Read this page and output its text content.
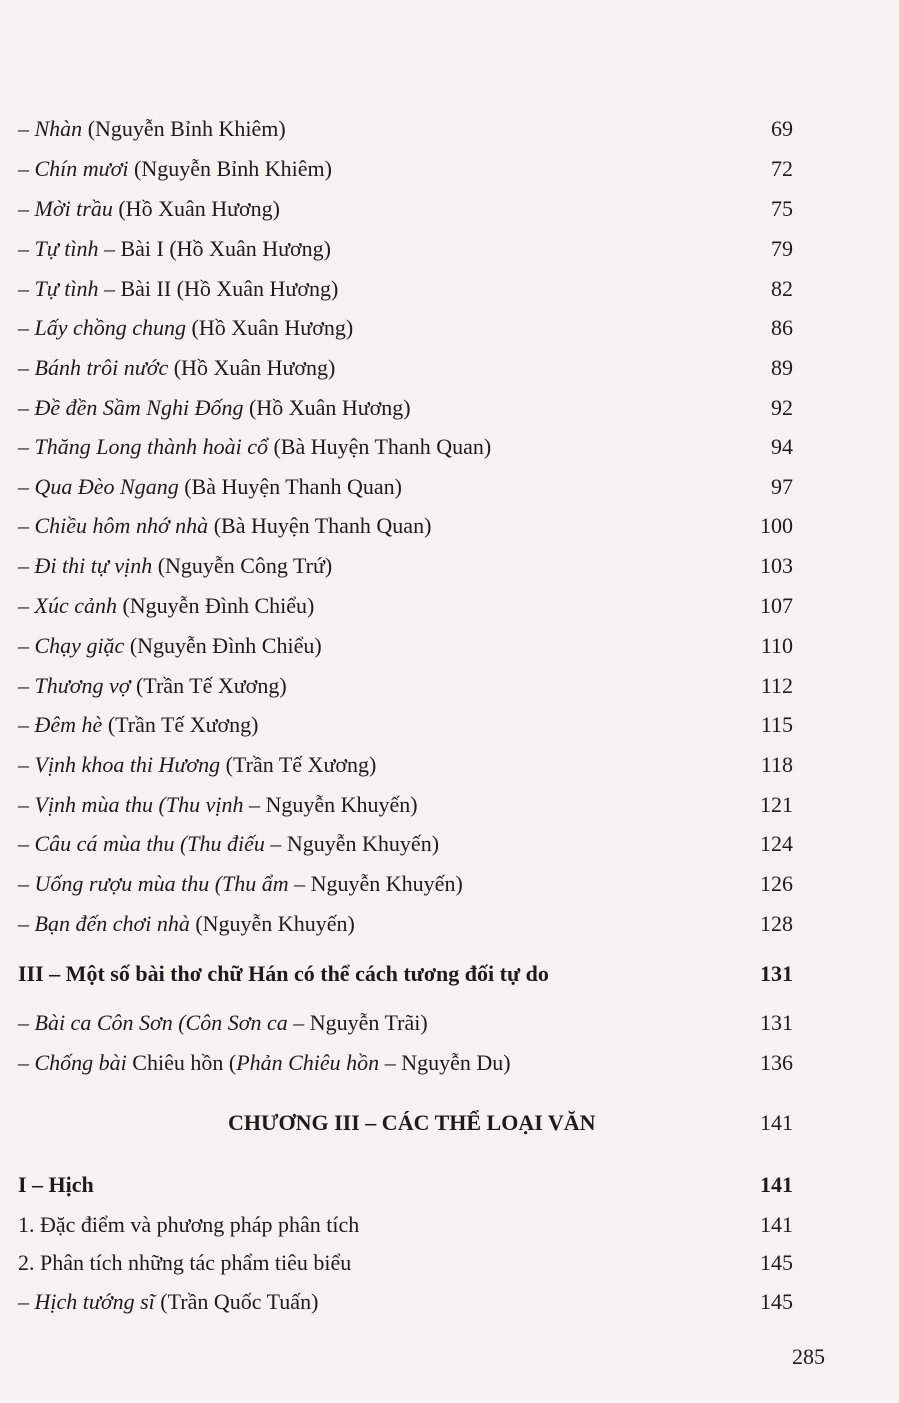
– Nhàn (Nguyễn Bỉnh Khiêm)	69
– Chín mươi (Nguyễn Bỉnh Khiêm)	72
– Mời trầu (Hồ Xuân Hương)	75
– Tự tình – Bài I (Hồ Xuân Hương)	79
– Tự tình – Bài II (Hồ Xuân Hương)	82
– Lấy chồng chung (Hồ Xuân Hương)	86
– Bánh trôi nước (Hồ Xuân Hương)	89
– Đề đền Sầm Nghi Đống (Hồ Xuân Hương)	92
– Thăng Long thành hoài cổ (Bà Huyện Thanh Quan)	94
– Qua Đèo Ngang (Bà Huyện Thanh Quan)	97
– Chiều hôm nhớ nhà (Bà Huyện Thanh Quan)	100
– Đi thi tự vịnh (Nguyễn Công Trứ)	103
– Xúc cảnh (Nguyễn Đình Chiểu)	107
– Chạy giặc (Nguyễn Đình Chiểu)	110
– Thương vợ (Trần Tế Xương)	112
– Đêm hè (Trần Tế Xương)	115
– Vịnh khoa thi Hương (Trần Tế Xương)	118
– Vịnh mùa thu (Thu vịnh – Nguyễn Khuyến)	121
– Câu cá mùa thu (Thu điếu – Nguyễn Khuyến)	124
– Uống rượu mùa thu (Thu ẩm – Nguyễn Khuyến)	126
– Bạn đến chơi nhà (Nguyễn Khuyến)	128
III – Một số bài thơ chữ Hán có thể cách tương đối tự do	131
– Bài ca Côn Sơn (Côn Sơn ca – Nguyễn Trãi)	131
– Chống bài Chiêu hồn (Phản Chiêu hồn – Nguyễn Du)	136
CHƯƠNG III – CÁC THỂ LOẠI VĂN	141
I – Hịch	141
1. Đặc điểm và phương pháp phân tích	141
2. Phân tích những tác phẩm tiêu biểu	145
– Hịch tướng sĩ (Trần Quốc Tuấn)	145
285
